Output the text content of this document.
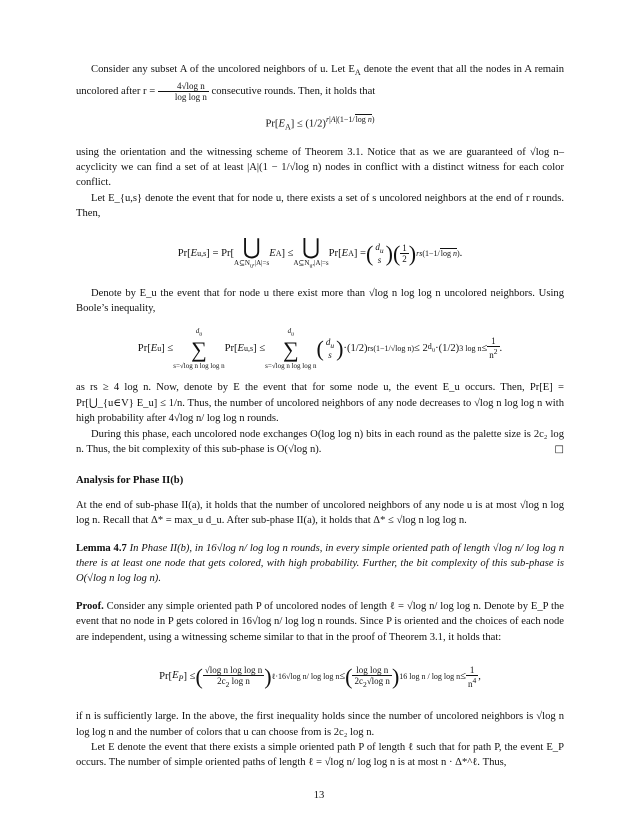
Consider any subset A of the uncolored neighbors of u. Let $E_A$ denote the event that all the nodes in A remain uncolored after $r = \frac{\text{4√log n}}{\text{log log n}}$ consecutive rounds. Then, it holds that

$Pr[E_A] \le (1/2)^{r|A|(1-1/log n)}$

using the orientation and the witnessing scheme of Theorem 3.1. Notice that as we are guaranteed of √log n–acyclicity we can find a set of at least |A|(1 − 1/√log n) nodes in conflict with a distinct witness for each color conflict.

Let E_{u,s} denote the event that for node u, there exists a set of s uncolored neighbors at the end of r rounds. Then,

Pr[ E u,s ] = Pr[ ⋃
$A⊆N_u,|A|=s$
E A ] ≤ ⋃
$A⊆N_u,|A|=s$
Pr[ E A ] = ( $d_u$
s ) ( $\frac{1}{2}$ ) rs(1−1/log n) .

Denote by E_u the event that for node u there exist more than √log n log log n uncolored neighbors. Using Boole’s inequality,

Pr[ E u ] ≤
$d_u$
∑
s=√log n log log n
Pr[ E u,s ] ≤
$d_u$
∑
s=√log n log log n
( $d_u$
s ) ·(1/2) rs(1−1/√log n) ≤ 2 $d_u \cdot(1/2)$ 3 $\log n \le \frac{1}{n^2}$ .

as rs ≥ 4 log n. Now, denote by E the event that for some node u, the event E_u occurs. Then, Pr[E] = Pr[⋃_{u∈V} E_u] ≤ 1/n. Thus, the number of uncolored neighbors of any node decreases to √log n log log n with high probability after 4√log n/ log log n rounds.

During this phase, each uncolored node exchanges O(log log n) bits in each round as the palette size is 2c₂ log n. Thus, the bit complexity of this sub-phase is O(√log n).	□

Analysis for Phase II(b)

At the end of sub-phase II(a), it holds that the number of uncolored neighbors of any node u is at most √log n log log n. Recall that Δ* = max_u d_u. After sub-phase II(a), it holds that Δ* ≤ √log n log log n.

Lemma 4.7 In Phase II(b), in 16√log n/ log log n rounds, in every simple oriented path of length √log n/ log log n there is at least one node that gets colored, with high probability. Further, the bit complexity of this sub-phase is O(√log n log log n).

Proof. Consider any simple oriented path P of uncolored nodes of length ℓ = √log n/ log log n. Denote by E_P the event that no node in P gets colored in 16√log n/ log log n rounds. Since P is oriented and the choices of each node are independent, using a witnessing scheme similar to that in the proof of Theorem 3.1, it holds that:

Pr[ $E_P$ ] ≤ ( $\frac{\text{√log n log log n}}{2c_2 \log n}$ ) ℓ·16√log n/ log log n ≤ ( $\frac{\text{log log n}}{2c_2√\log n}$ ) 16 $\log n / \log \log n \le \frac{1}{n^4}$ ,

if n is sufficiently large. In the above, the first inequality holds since the number of uncolored neighbors is √log n log log n and the number of colors that u can choose from is 2c₂ log n.

Let E denote the event that there exists a simple oriented path P of length ℓ such that for path P, the event E_P occurs. The number of simple oriented paths of length ℓ = √log n/ log log n is at most n · Δ*^ℓ. Thus,

13
